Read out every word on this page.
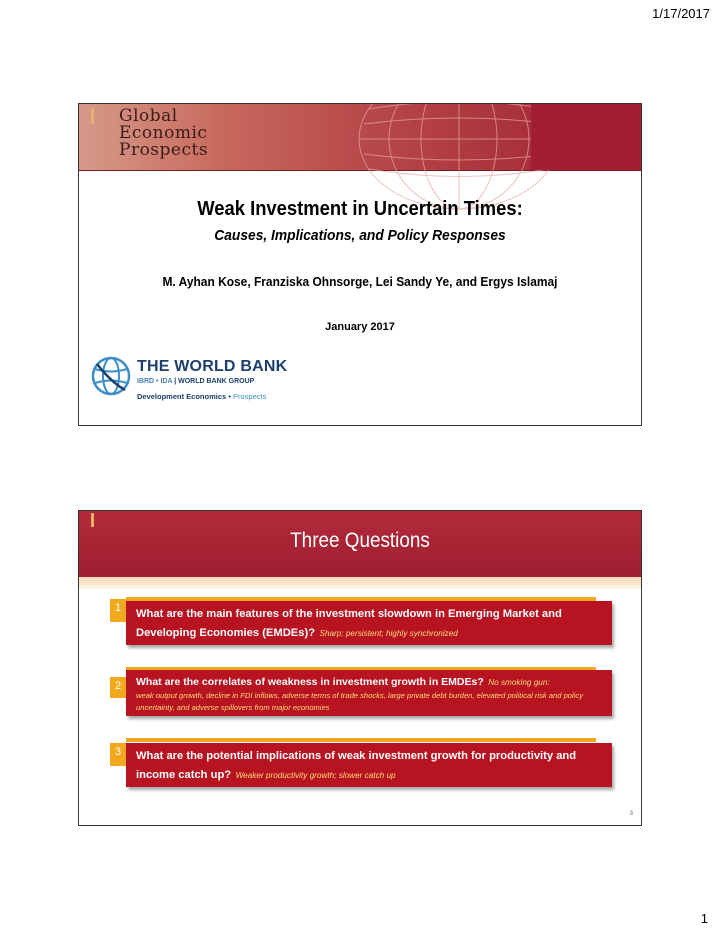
1/17/2017
Global
Economic
Prospects
Weak Investment in Uncertain Times:
Causes, Implications, and Policy Responses
M. Ayhan Kose, Franziska Ohnsorge, Lei Sandy Ye, and Ergys Islamaj
January 2017
THE WORLD BANK
IBRD • IDA | WORLD BANK GROUP
Development Economics • Prospects
Three Questions
1	What are the main features of the investment slowdown in Emerging Market and Developing Economies (EMDEs)? Sharp; persistent; highly synchronized
2	What are the correlates of weakness in investment growth in EMDEs? No smoking gun:
weak output growth, decline in FDI inflows, adverse terms of trade shocks, large private debt burden, elevated political risk and policy uncertainty, and adverse spillovers from major economies
3	What are the potential implications of weak investment growth for productivity and income catch up? Weaker productivity growth; slower catch up
3
1
